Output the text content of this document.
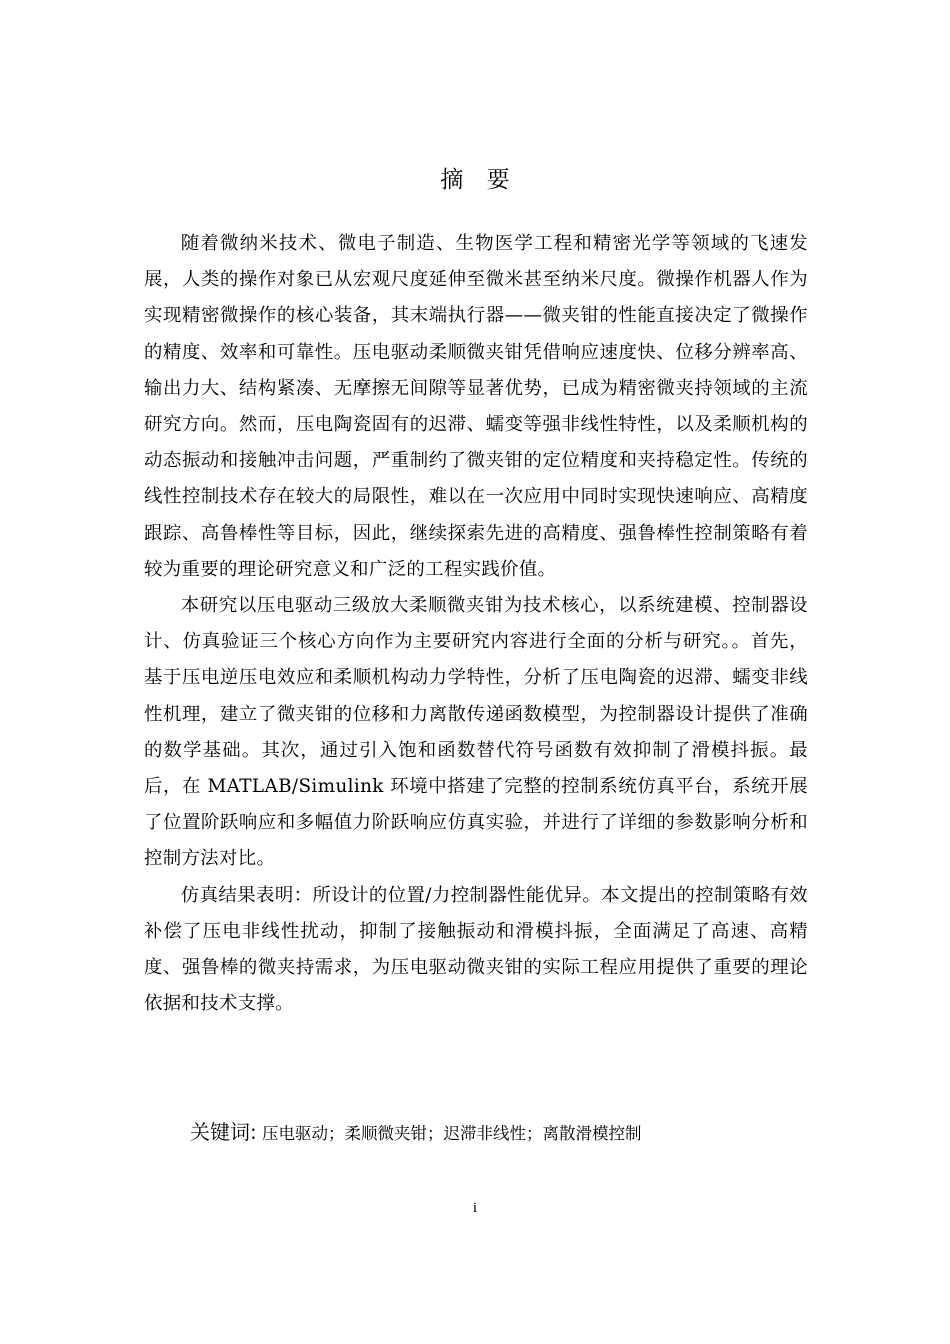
摘 要

随着微纳米技术、微电子制造、生物医学工程和精密光学等领域的飞速发展，人类的操作对象已从宏观尺度延伸至微米甚至纳米尺度。微操作机器人作为实现精密微操作的核心装备，其末端执行器——微夹钳的性能直接决定了微操作的精度、效率和可靠性。压电驱动柔顺微夹钳凭借响应速度快、位移分辨率高、输出力大、结构紧凑、无摩擦无间隙等显著优势，已成为精密微夹持领域的主流研究方向。然而，压电陶瓷固有的迟滞、蠕变等强非线性特性，以及柔顺机构的动态振动和接触冲击问题，严重制约了微夹钳的定位精度和夹持稳定性。传统的线性控制技术存在较大的局限性，难以在一次应用中同时实现快速响应、高精度跟踪、高鲁棒性等目标，因此，继续探索先进的高精度、强鲁棒性控制策略有着较为重要的理论研究意义和广泛的工程实践价值。

本研究以压电驱动三级放大柔顺微夹钳为技术核心，以系统建模、控制器设计、仿真验证三个核心方向作为主要研究内容进行全面的分析与研究。。首先，基于压电逆压电效应和柔顺机构动力学特性，分析了压电陶瓷的迟滞、蠕变非线性机理，建立了微夹钳的位移和力离散传递函数模型，为控制器设计提供了准确的数学基础。其次，通过引入饱和函数替代符号函数有效抑制了滑模抖振。最后，在 MATLAB/Simulink 环境中搭建了完整的控制系统仿真平台，系统开展了位置阶跃响应和多幅值力阶跃响应仿真实验，并进行了详细的参数影响分析和控制方法对比。

仿真结果表明：所设计的位置/力控制器性能优异。本文提出的控制策略有效补偿了压电非线性扰动，抑制了接触振动和滑模抖振，全面满足了高速、高精度、强鲁棒的微夹持需求，为压电驱动微夹钳的实际工程应用提供了重要的理论依据和技术支撑。

关键词: 压电驱动；柔顺微夹钳；迟滞非线性；离散滑模控制
i
